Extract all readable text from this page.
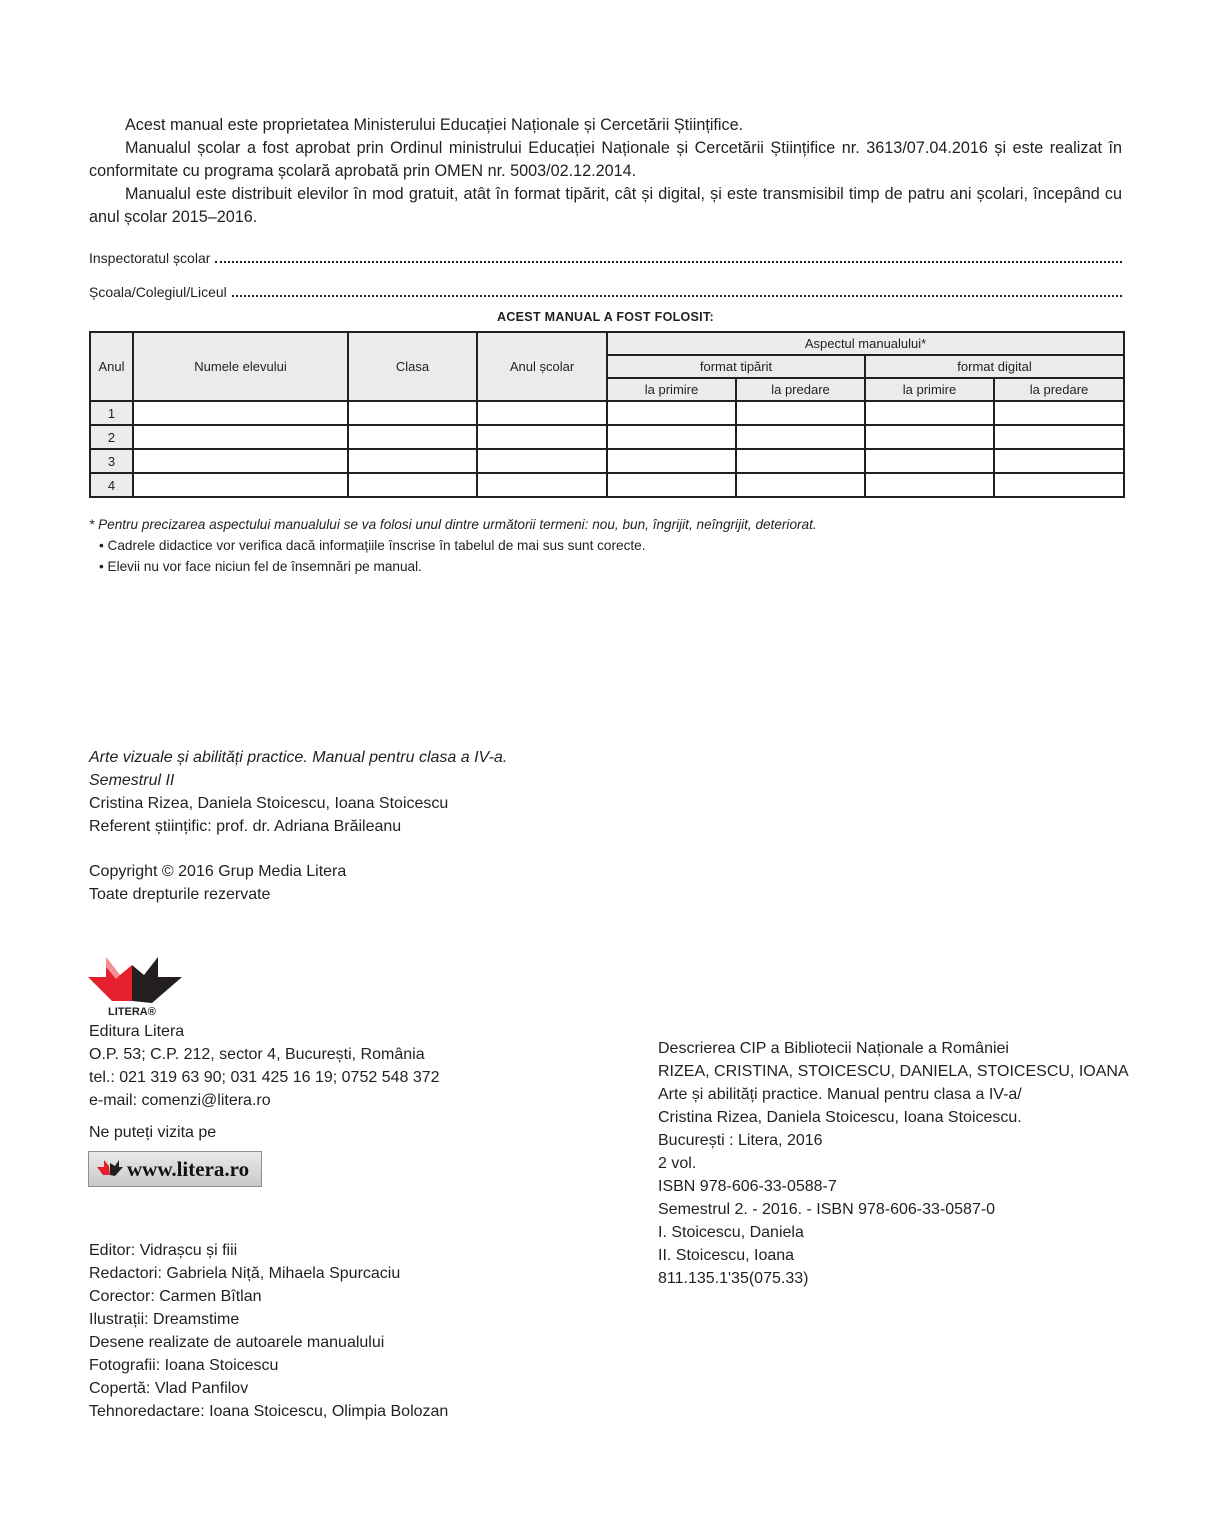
Acest manual este proprietatea Ministerului Educației Naționale și Cercetării Științifice.

Manualul școlar a fost aprobat prin Ordinul ministrului Educației Naționale și Cercetării Științifice nr. 3613/07.04.2016 și este realizat în conformitate cu programa școlară aprobată prin OMEN nr. 5003/02.12.2014.

Manualul este distribuit elevilor în mod gratuit, atât în format tipărit, cât și digital, și este transmisibil timp de patru ani școlari, începând cu anul școlar 2015–2016.

Inspectoratul școlar
Școala/Colegiul/Liceul
ACEST MANUAL A FOST FOLOSIT:
Anul	Numele elevului	Clasa	Anul școlar	Aspectul manualului*			
				format tipărit		format digital	
				la primire	la predare	la primire	la predare
1							
2							
3							
4							
* Pentru precizarea aspectului manualului se va folosi unul dintre următorii termeni: nou, bun, îngrijit, neîngrijit, deteriorat.
• Cadrele didactice vor verifica dacă informațiile înscrise în tabelul de mai sus sunt corecte.
• Elevii nu vor face niciun fel de însemnări pe manual.
Arte vizuale și abilități practice. Manual pentru clasa a IV-a.
Semestrul II
Cristina Rizea, Daniela Stoicescu, Ioana Stoicescu
Referent științific: prof. dr. Adriana Brăileanu
Copyright © 2016 Grup Media Litera
Toate drepturile rezervate
LITERA®
Editura Litera
O.P. 53; C.P. 212, sector 4, București, România
tel.: 021 319 63 90; 031 425 16 19; 0752 548 372
e-mail: comenzi@litera.ro
Ne puteți vizita pe
www.litera.ro
Editor: Vidrașcu și fiii
Redactori: Gabriela Niță, Mihaela Spurcaciu
Corector: Carmen Bîtlan
Ilustrații: Dreamstime
Desene realizate de autoarele manualului
Fotografii: Ioana Stoicescu
Copertă: Vlad Panfilov
Tehnoredactare: Ioana Stoicescu, Olimpia Bolozan
Descrierea CIP a Bibliotecii Naționale a României
RIZEA, CRISTINA, STOICESCU, DANIELA, STOICESCU, IOANA
Arte și abilități practice. Manual pentru clasa a IV-a/
Cristina Rizea, Daniela Stoicescu, Ioana Stoicescu.
București : Litera, 2016
2 vol.
ISBN 978-606-33-0588-7
Semestrul 2. - 2016. - ISBN 978-606-33-0587-0
I. Stoicescu, Daniela
II. Stoicescu, Ioana
811.135.1'35(075.33)
